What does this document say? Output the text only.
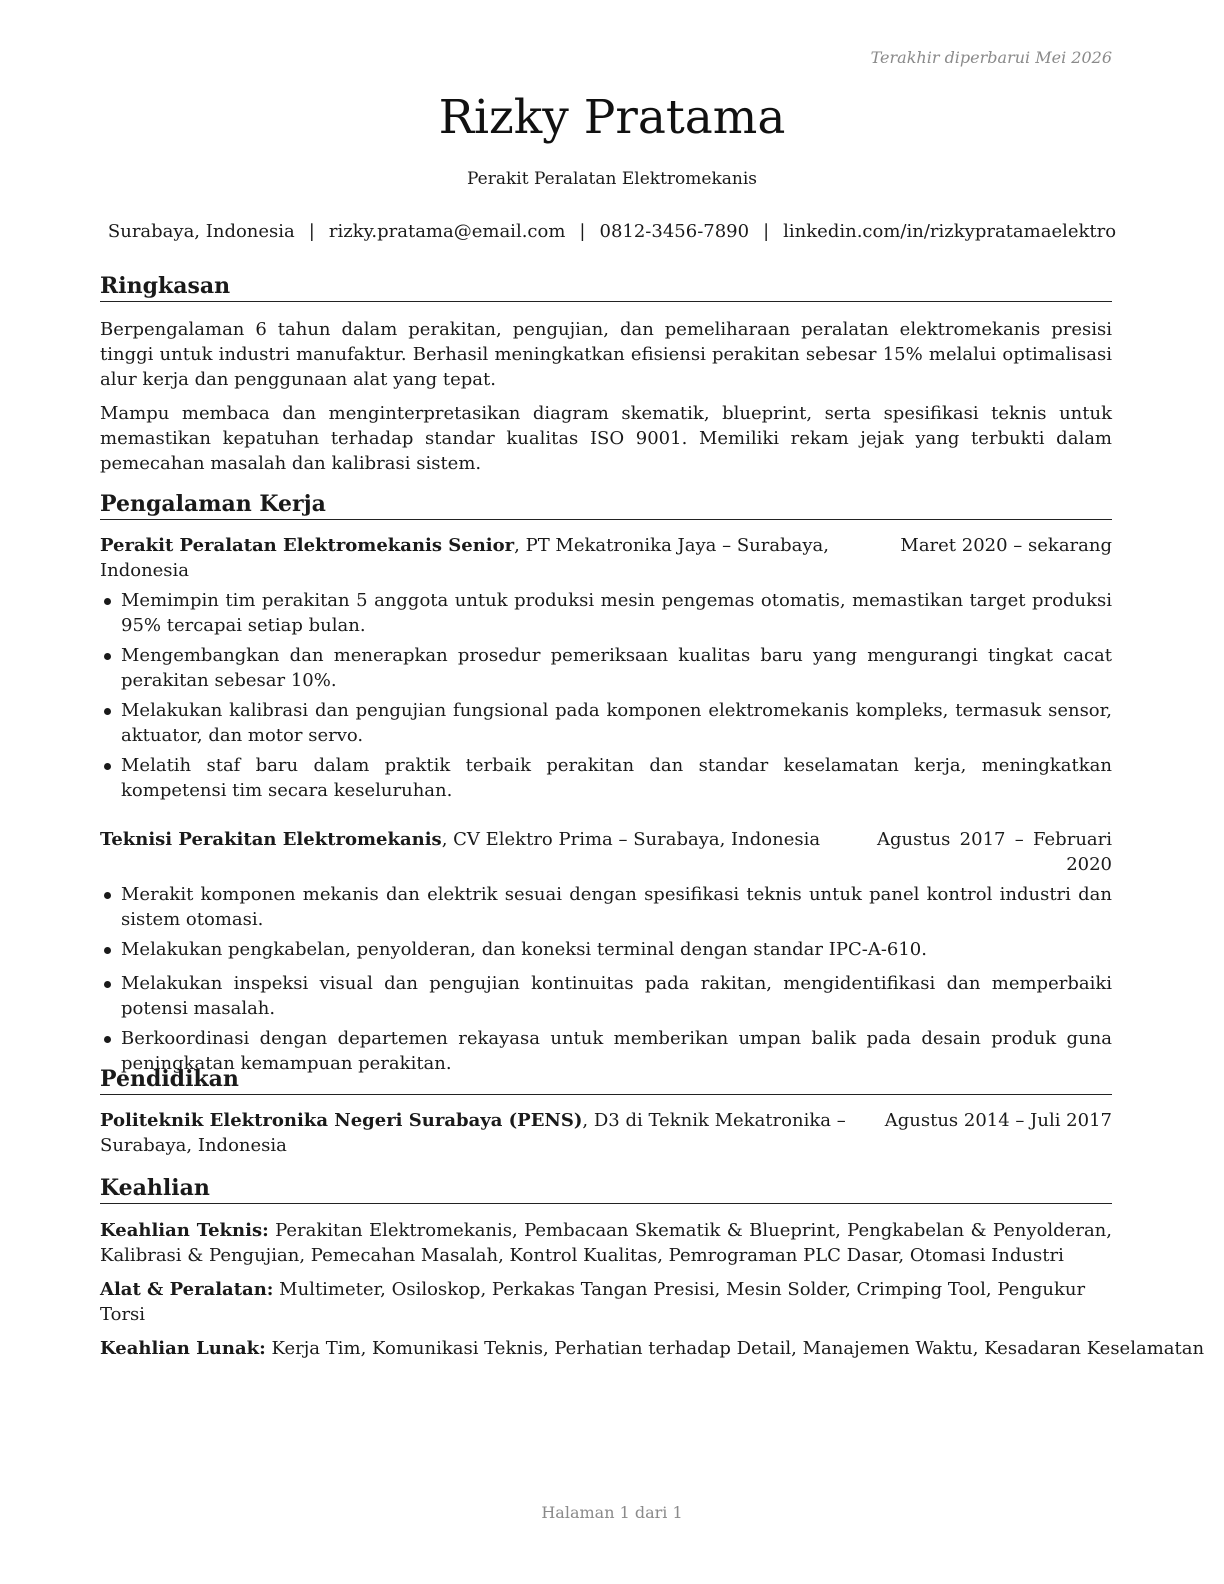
Terakhir diperbarui Mei 2026
Rizky Pratama
Perakit Peralatan Elektromekanis
Surabaya, Indonesia | rizky.pratama@email.com | 0812-3456-7890 | linkedin.com/in/rizkypratamaelektro
Ringkasan

Berpengalaman 6 tahun dalam perakitan, pengujian, dan pemeliharaan peralatan elektromekanis presisi tinggi untuk industri manufaktur. Berhasil meningkatkan efisiensi perakitan sebesar 15% melalui optimalisasi alur kerja dan penggunaan alat yang tepat.

Mampu membaca dan menginterpretasikan diagram skematik, blueprint, serta spesifikasi teknis untuk memastikan kepatuhan terhadap standar kualitas ISO 9001. Memiliki rekam jejak yang terbukti dalam pemecahan masalah dan kalibrasi sistem.

Pengalaman Kerja
Perakit Peralatan Elektromekanis Senior, PT Mekatronika Jaya – Surabaya, Indonesia
Maret 2020 – sekarang
Memimpin tim perakitan 5 anggota untuk produksi mesin pengemas otomatis, memastikan target produksi 95% tercapai setiap bulan.
Mengembangkan dan menerapkan prosedur pemeriksaan kualitas baru yang mengurangi tingkat cacat perakitan sebesar 10%.
Melakukan kalibrasi dan pengujian fungsional pada komponen elektromekanis kompleks, termasuk sensor, aktuator, dan motor servo.
Melatih staf baru dalam praktik terbaik perakitan dan standar keselamatan kerja, meningkatkan kompetensi tim secara keseluruhan.
Teknisi Perakitan Elektromekanis, CV Elektro Prima – Surabaya, Indonesia	Agustus 2017 – Februari 2020
Merakit komponen mekanis dan elektrik sesuai dengan spesifikasi teknis untuk panel kontrol industri dan sistem otomasi.
Melakukan pengkabelan, penyolderan, dan koneksi terminal dengan standar IPC-A-610.
Melakukan inspeksi visual dan pengujian kontinuitas pada rakitan, mengidentifikasi dan memperbaiki potensi masalah.
Berkoordinasi dengan departemen rekayasa untuk memberikan umpan balik pada desain produk guna peningkatan kemampuan perakitan.
Pendidikan
Politeknik Elektronika Negeri Surabaya (PENS), D3 di Teknik Mekatronika – Surabaya, Indonesia
Agustus 2014 – Juli 2017
Keahlian

Keahlian Teknis: Perakitan Elektromekanis, Pembacaan Skematik & Blueprint, Pengkabelan & Penyolderan, Kalibrasi & Pengujian, Pemecahan Masalah, Kontrol Kualitas, Pemrograman PLC Dasar, Otomasi Industri

Alat & Peralatan: Multimeter, Osiloskop, Perkakas Tangan Presisi, Mesin Solder, Crimping Tool, Pengukur Torsi

Keahlian Lunak: Kerja Tim, Komunikasi Teknis, Perhatian terhadap Detail, Manajemen Waktu, Kesadaran Keselamatan

Halaman 1 dari 1
